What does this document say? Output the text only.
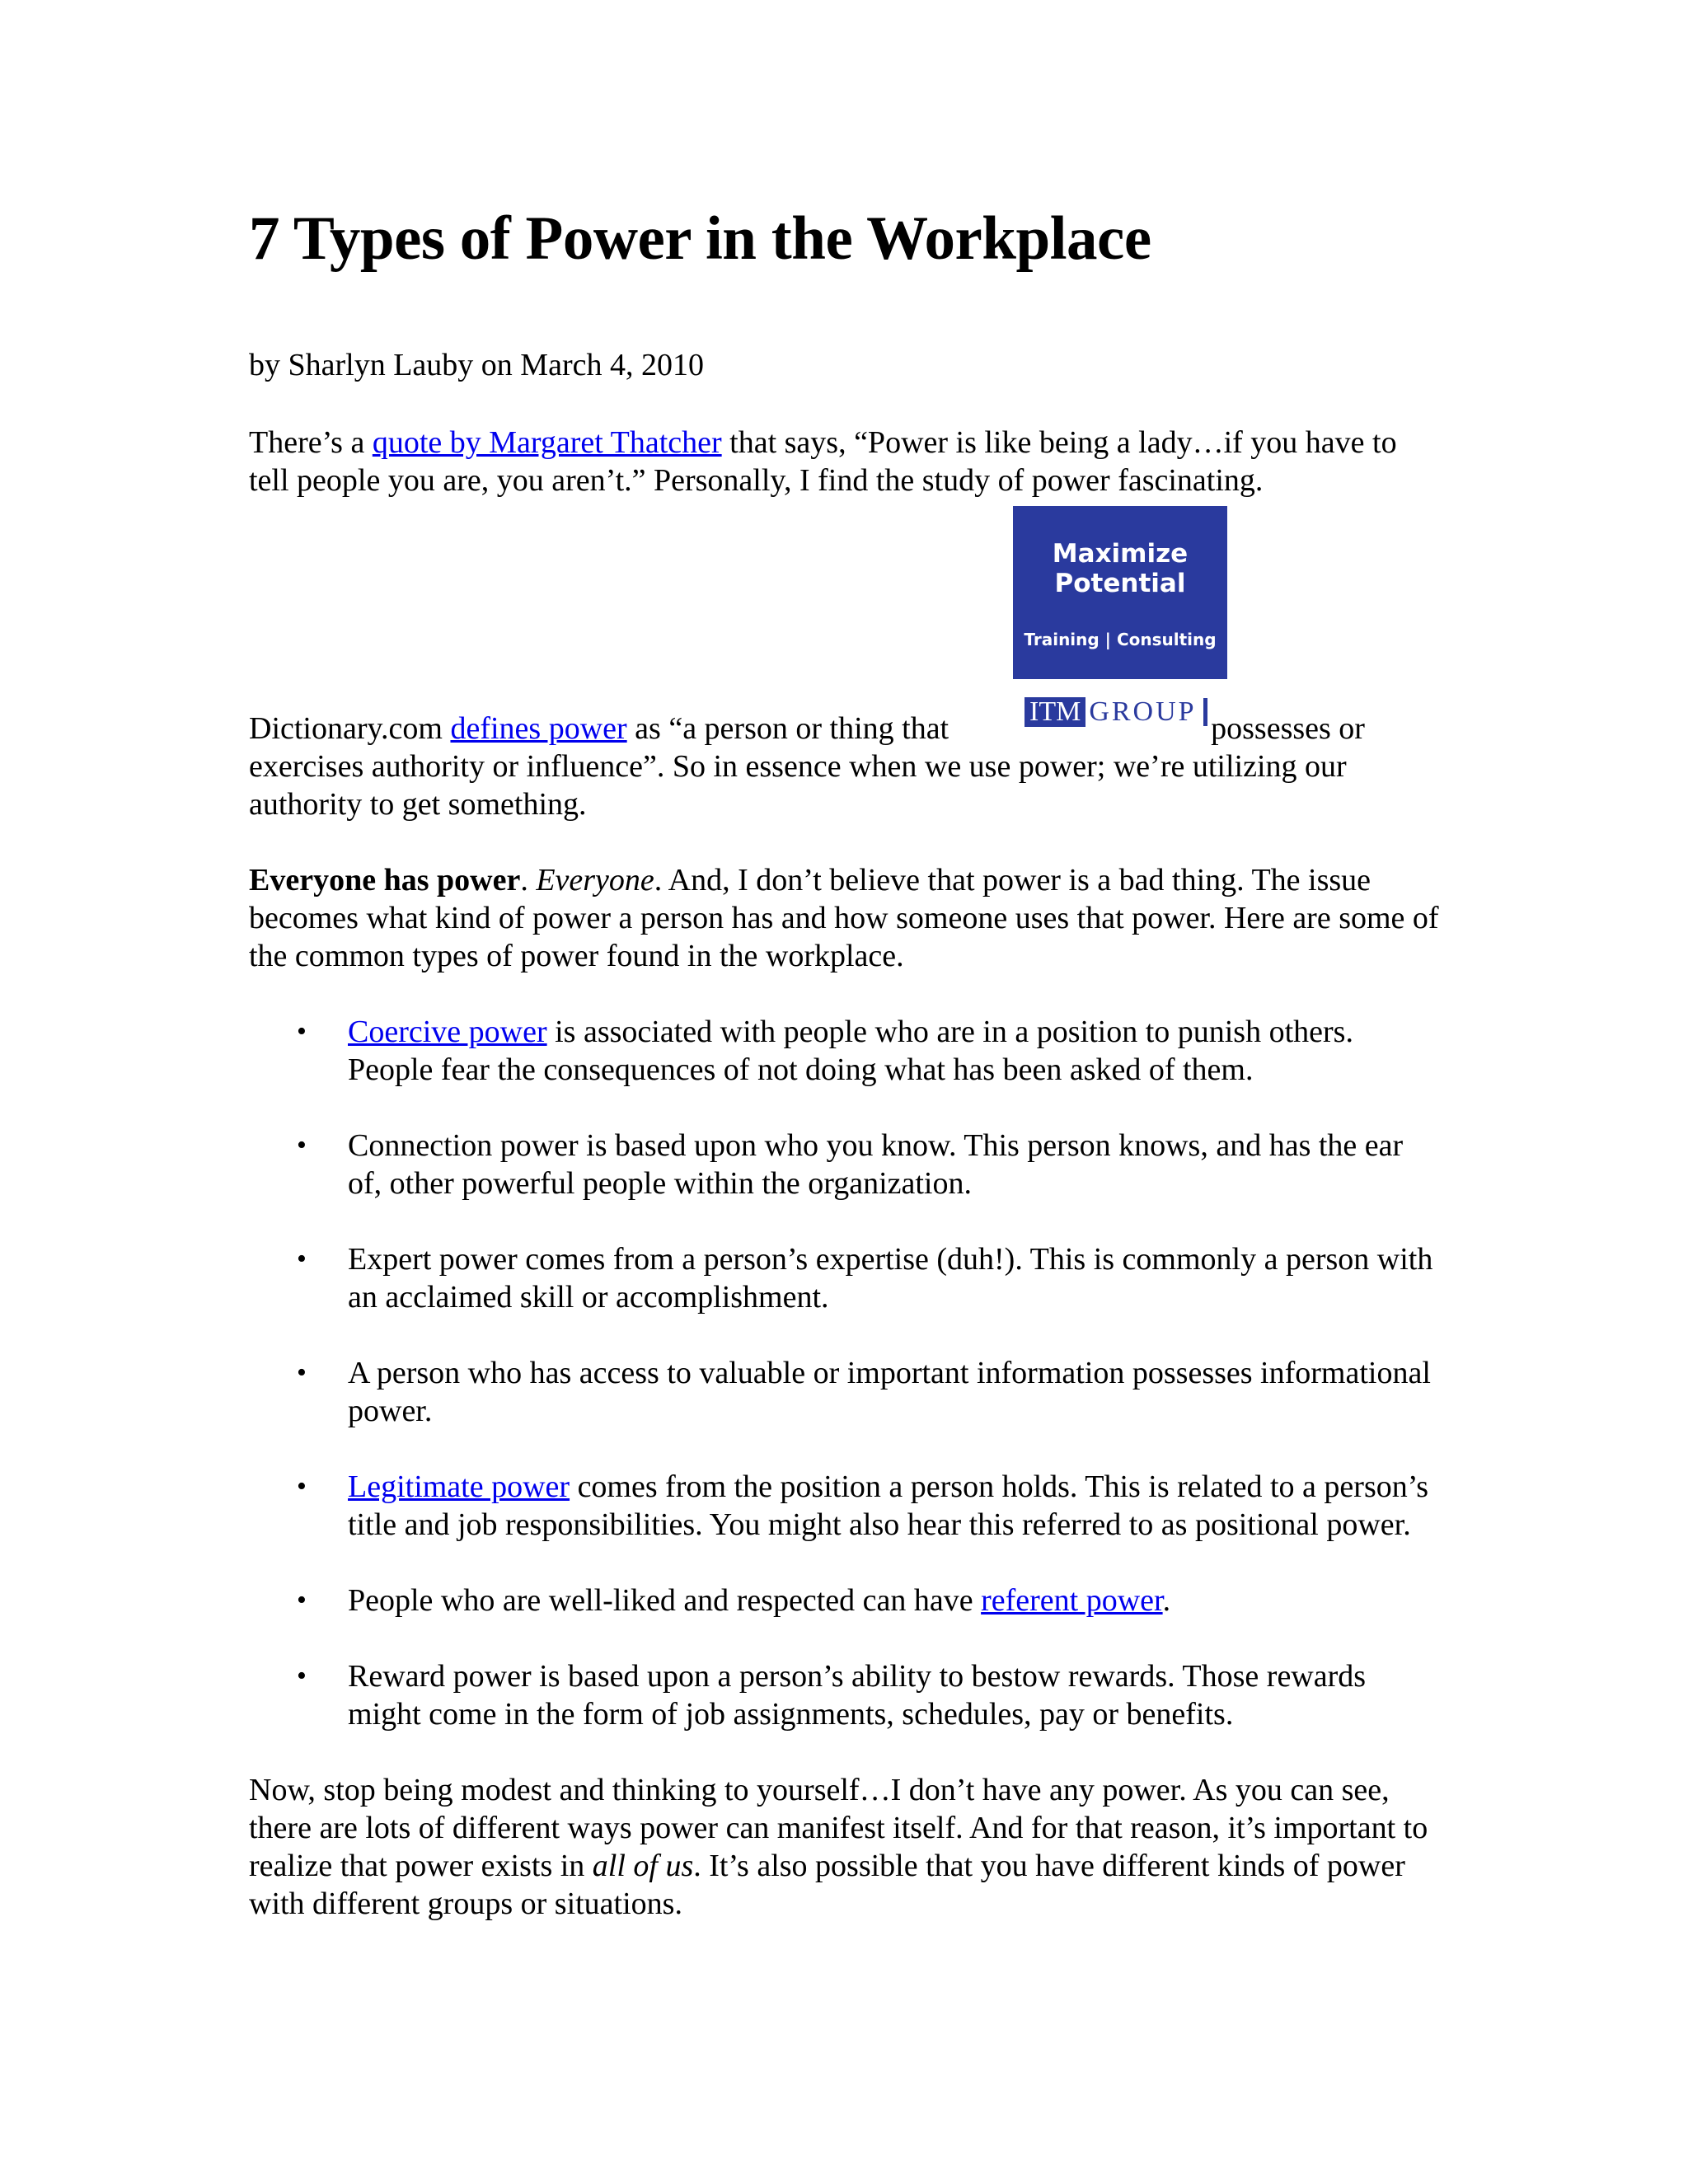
7 Types of Power in the Workplace

by Sharlyn Lauby on March 4, 2010

There’s a quote by Margaret Thatcher that says, “Power is like being a lady…if you have to tell people you are, you aren’t.” Personally, I find the study of power fascinating.

Maximize
Potential
Training | Consulting
ITM GROUP

Dictionary.com defines power as “a person or thing that	possesses or exercises authority or influence”. So in essence when we use power; we’re utilizing our authority to get something.

Everyone has power. Everyone. And, I don’t believe that power is a bad thing. The issue becomes what kind of power a person has and how someone uses that power. Here are some of the common types of power found in the workplace.

• Coercive power is associated with people who are in a position to punish others. People fear the consequences of not doing what has been asked of them.
• Connection power is based upon who you know. This person knows, and has the ear of, other powerful people within the organization.
• Expert power comes from a person’s expertise (duh!). This is commonly a person with an acclaimed skill or accomplishment.
• A person who has access to valuable or important information possesses informational power.
• Legitimate power comes from the position a person holds. This is related to a person’s title and job responsibilities. You might also hear this referred to as positional power.
• People who are well-liked and respected can have referent power.
• Reward power is based upon a person’s ability to bestow rewards. Those rewards might come in the form of job assignments, schedules, pay or benefits.

Now, stop being modest and thinking to yourself…I don’t have any power. As you can see, there are lots of different ways power can manifest itself. And for that reason, it’s important to realize that power exists in all of us. It’s also possible that you have different kinds of power with different groups or situations.
